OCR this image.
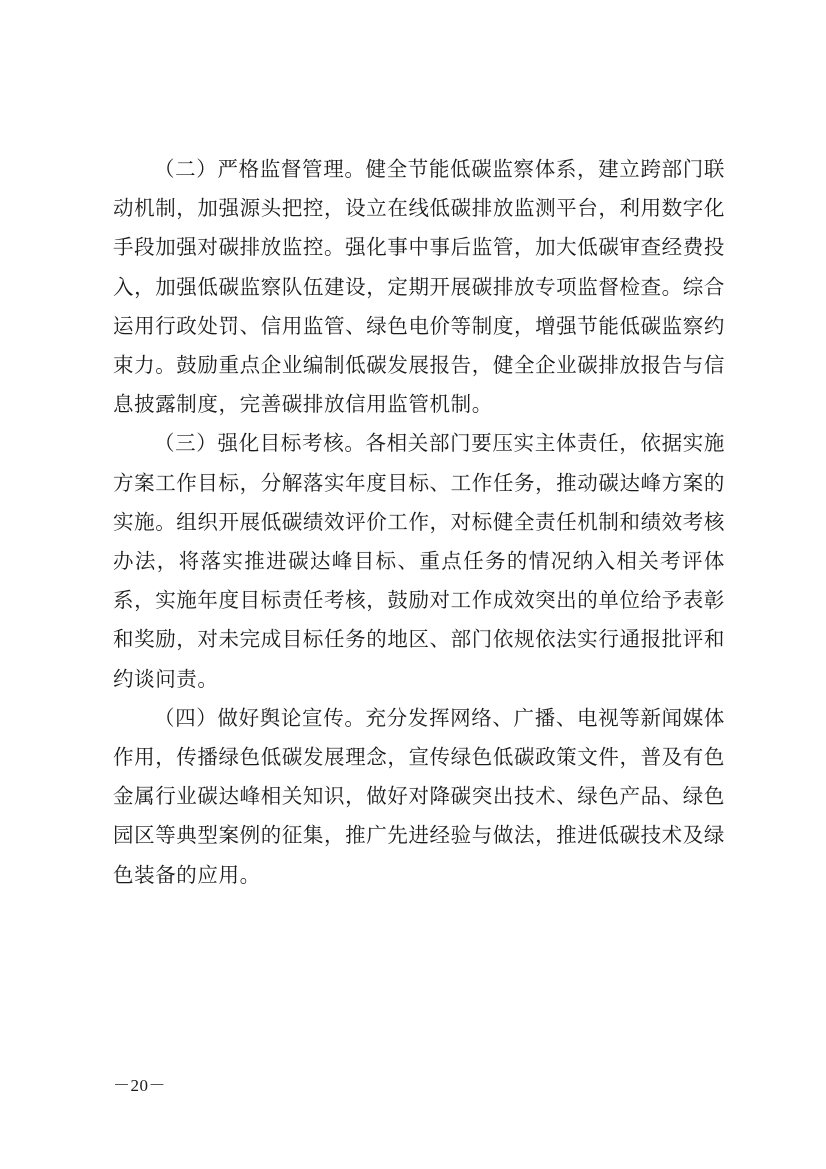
（二）严格监督管理。健全节能低碳监察体系，建立跨部门联动机制，加强源头把控，设立在线低碳排放监测平台，利用数字化手段加强对碳排放监控。强化事中事后监管，加大低碳审查经费投入，加强低碳监察队伍建设，定期开展碳排放专项监督检查。综合运用行政处罚、信用监管、绿色电价等制度，增强节能低碳监察约束力。鼓励重点企业编制低碳发展报告，健全企业碳排放报告与信息披露制度，完善碳排放信用监管机制。

（三）强化目标考核。各相关部门要压实主体责任，依据实施方案工作目标，分解落实年度目标、工作任务，推动碳达峰方案的实施。组织开展低碳绩效评价工作，对标健全责任机制和绩效考核办法，将落实推进碳达峰目标、重点任务的情况纳入相关考评体系，实施年度目标责任考核，鼓励对工作成效突出的单位给予表彰和奖励，对未完成目标任务的地区、部门依规依法实行通报批评和约谈问责。

（四）做好舆论宣传。充分发挥网络、广播、电视等新闻媒体作用，传播绿色低碳发展理念，宣传绿色低碳政策文件，普及有色金属行业碳达峰相关知识，做好对降碳突出技术、绿色产品、绿色园区等典型案例的征集，推广先进经验与做法，推进低碳技术及绿色装备的应用。

－20－
